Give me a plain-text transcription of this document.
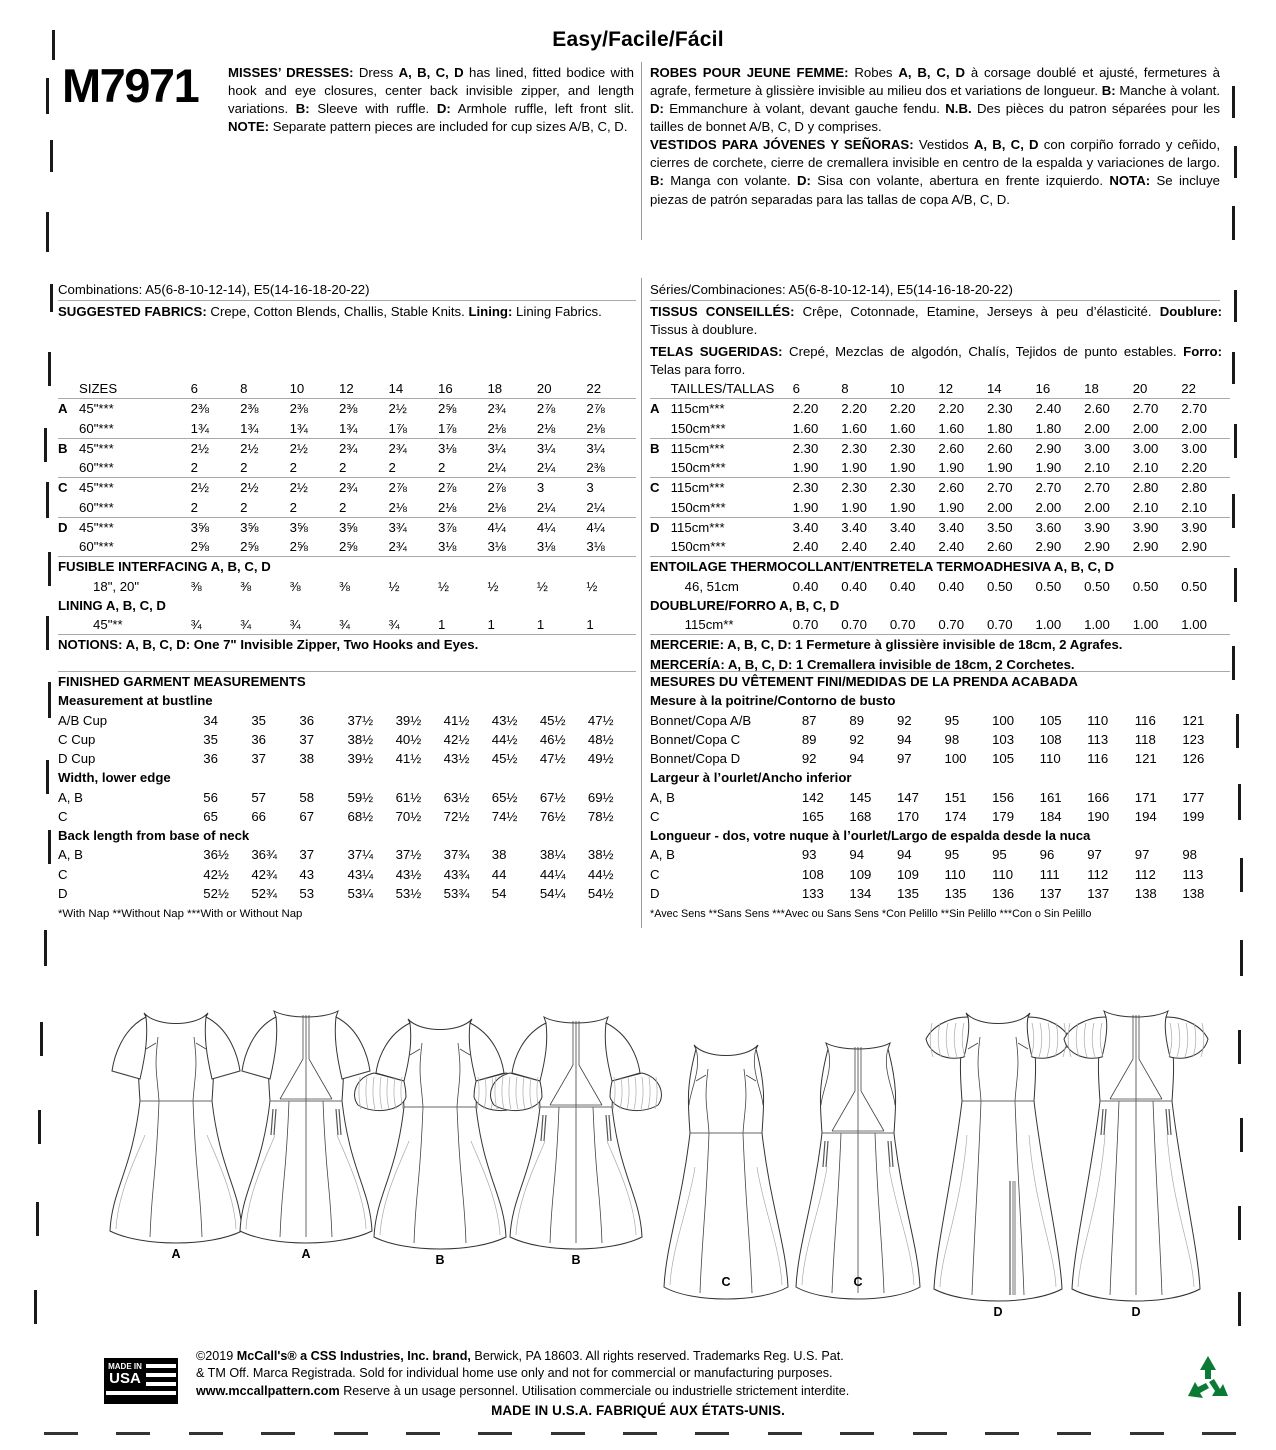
Easy/Facile/Fácil
M7971 MISSES’ DRESSES: Dress A, B, C, D has lined, fitted bodice with hook and eye closures, center back invisible zipper, and length variations. B: Sleeve with ruffle. D: Armhole ruffle, left front slit. NOTE: Separate pattern pieces are included for cup sizes A/B, C, D.
ROBES POUR JEUNE FEMME: Robes A, B, C, D à corsage doublé et ajusté, fermetures à agrafe, fermeture à glissière invisible au milieu dos et variations de longueur. B: Manche à volant. D: Emmanchure à volant, devant gauche fendu. N.B. Des pièces du patron séparées pour les tailles de bonnet A/B, C, D y comprises.
VESTIDOS PARA JÓVENES Y SEÑORAS: Vestidos A, B, C, D con corpiño forrado y ceñido, cierres de corchete, cierre de cremallera invisible en centro de la espalda y variaciones de largo. B: Manga con volante. D: Sisa con volante, abertura en frente izquierdo. NOTA: Se incluye piezas de patrón separadas para las tallas de copa A/B, C, D.
Combinations: A5(6-8-10-12-14), E5(14-16-18-20-22)
SUGGESTED FABRICS: Crepe, Cotton Blends, Challis, Stable Knits. Lining: Lining Fabrics.
Séries/Combinaciones: A5(6-8-10-12-14), E5(14-16-18-20-22)
TISSUS CONSEILLÉS: Crêpe, Cotonnade, Etamine, Jerseys à peu d’élasticité. Doublure: Tissus à doublure.
TELAS SUGERIDAS: Crepé, Mezclas de algodón, Chalís, Tejidos de punto estables. Forro: Telas para forro.
	SIZES	6	8	10	12	14	16	18	20	22
A	45"***	2⅜	2⅜	2⅜	2⅜	2½	2⅝	2¾	2⅞	2⅞
	60"***	1¾	1¾	1¾	1¾	1⅞	1⅞	2⅛	2⅛	2⅛
B	45"***	2½	2½	2½	2¾	2¾	3⅛	3¼	3¼	3¼
	60"***	2	2	2	2	2	2	2¼	2¼	2⅜
C	45"***	2½	2½	2½	2¾	2⅞	2⅞	2⅞	3	3
	60"***	2	2	2	2	2⅛	2⅛	2⅛	2¼	2¼
D	45"***	3⅝	3⅝	3⅝	3⅝	3¾	3⅞	4¼	4¼	4¼
	60"***	2⅝	2⅝	2⅝	2⅝	2¾	3⅛	3⅛	3⅛	3⅛
FUSIBLE INTERFACING A, B, C, D										
	18", 20"	⅜	⅜	⅜	⅜	½	½	½	½	½
LINING A, B, C, D										
	45"**	¾	¾	¾	¾	¾	1	1	1	1
NOTIONS: A, B, C, D: One 7" Invisible Zipper, Two Hooks and Eyes.										
	TAILLES/TALLAS	6	8	10	12	14	16	18	20	22
A	115cm***	2.20	2.20	2.20	2.20	2.30	2.40	2.60	2.70	2.70
	150cm***	1.60	1.60	1.60	1.60	1.80	1.80	2.00	2.00	2.00
B	115cm***	2.30	2.30	2.30	2.60	2.60	2.90	3.00	3.00	3.00
	150cm***	1.90	1.90	1.90	1.90	1.90	1.90	2.10	2.10	2.20
C	115cm***	2.30	2.30	2.30	2.60	2.70	2.70	2.70	2.80	2.80
	150cm***	1.90	1.90	1.90	1.90	2.00	2.00	2.00	2.10	2.10
D	115cm***	3.40	3.40	3.40	3.40	3.50	3.60	3.90	3.90	3.90
	150cm***	2.40	2.40	2.40	2.40	2.60	2.90	2.90	2.90	2.90
ENTOILAGE THERMOCOLLANT/ENTRETELA TERMOADHESIVA A, B, C, D										
	46, 51cm	0.40	0.40	0.40	0.40	0.50	0.50	0.50	0.50	0.50
DOUBLURE/FORRO A, B, C, D										
	115cm**	0.70	0.70	0.70	0.70	0.70	1.00	1.00	1.00	1.00
MERCERIE: A, B, C, D: 1 Fermeture à glissière invisible de 18cm, 2 Agrafes.										
MERCERÍA: A, B, C, D: 1 Cremallera invisible de 18cm, 2 Corchetes.										
FINISHED GARMENT MEASUREMENTS									
Measurement at bustline									
A/B Cup	34	35	36	37½	39½	41½	43½	45½	47½
C Cup	35	36	37	38½	40½	42½	44½	46½	48½
D Cup	36	37	38	39½	41½	43½	45½	47½	49½
Width, lower edge									
A, B	56	57	58	59½	61½	63½	65½	67½	69½
C	65	66	67	68½	70½	72½	74½	76½	78½
Back length from base of neck									
A, B	36½	36¾	37	37¼	37½	37¾	38	38¼	38½
C	42½	42¾	43	43¼	43½	43¾	44	44¼	44½
D	52½	52¾	53	53¼	53½	53¾	54	54¼	54½
*With Nap **Without Nap ***With or Without Nap
MESURES DU VÊTEMENT FINI/MEDIDAS DE LA PRENDA ACABADA									
Mesure à la poitrine/Contorno de busto									
Bonnet/Copa A/B	87	89	92	95	100	105	110	116	121
Bonnet/Copa C	89	92	94	98	103	108	113	118	123
Bonnet/Copa D	92	94	97	100	105	110	116	121	126
Largeur à l’ourlet/Ancho inferior									
A, B	142	145	147	151	156	161	166	171	177
C	165	168	170	174	179	184	190	194	199
Longueur - dos, votre nuque à l’ourlet/Largo de espalda desde la nuca									
A, B	93	94	94	95	95	96	97	97	98
C	108	109	109	110	110	111	112	112	113
D	133	134	135	135	136	137	137	138	138
*Avec Sens **Sans Sens ***Avec ou Sans Sens *Con Pelillo **Sin Pelillo ***Con o Sin Pelillo
A	A	B	B
C	C
D	D
MADE IN
USA
©2019 McCall's® a CSS Industries, Inc. brand, Berwick, PA 18603. All rights reserved. Trademarks Reg. U.S. Pat.
& TM Off. Marca Registrada. Sold for individual home use only and not for commercial or manufacturing purposes.
www.mccallpattern.com Reserve à un usage personnel. Utilisation commerciale ou industrielle strictement interdite.
MADE IN U.S.A. FABRIQUÉ AUX ÉTATS-UNIS.
